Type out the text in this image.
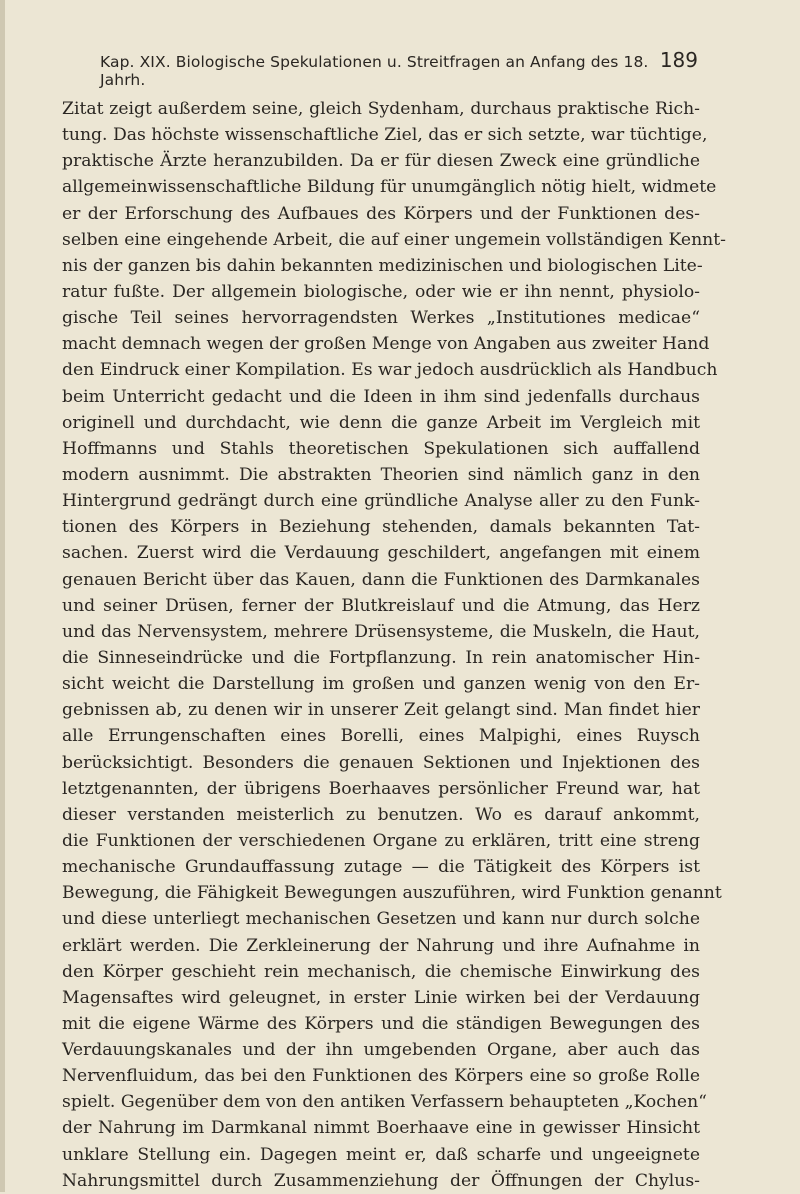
Kap. XIX. Biologische Spekulationen u. Streitfragen an Anfang des 18. Jahrh.
189
Zitat zeigt außerdem seine, gleich Sydenham, durchaus praktische Rich-
tung. Das höchste wissenschaftliche Ziel, das er sich setzte, war tüchtige,
praktische Ärzte heranzubilden. Da er für diesen Zweck eine gründliche
allgemeinwissenschaftliche Bildung für unumgänglich nötig hielt, widmete
er der Erforschung des Aufbaues des Körpers und der Funktionen des-
selben eine eingehende Arbeit, die auf einer ungemein vollständigen Kennt-
nis der ganzen bis dahin bekannten medizinischen und biologischen Lite-
ratur fußte. Der allgemein biologische, oder wie er ihn nennt, physiolo-
gische Teil seines hervorragendsten Werkes „Institutiones medicae“
macht demnach wegen der großen Menge von Angaben aus zweiter Hand
den Eindruck einer Kompilation. Es war jedoch ausdrücklich als Handbuch
beim Unterricht gedacht und die Ideen in ihm sind jedenfalls durchaus
originell und durchdacht, wie denn die ganze Arbeit im Vergleich mit
Hoffmanns und Stahls theoretischen Spekulationen sich auffallend
modern ausnimmt. Die abstrakten Theorien sind nämlich ganz in den
Hintergrund gedrängt durch eine gründliche Analyse aller zu den Funk-
tionen des Körpers in Beziehung stehenden, damals bekannten Tat-
sachen. Zuerst wird die Verdauung geschildert, angefangen mit einem
genauen Bericht über das Kauen, dann die Funktionen des Darmkanales
und seiner Drüsen, ferner der Blutkreislauf und die Atmung, das Herz
und das Nervensystem, mehrere Drüsensysteme, die Muskeln, die Haut,
die Sinneseindrücke und die Fortpflanzung. In rein anatomischer Hin-
sicht weicht die Darstellung im großen und ganzen wenig von den Er-
gebnissen ab, zu denen wir in unserer Zeit gelangt sind. Man findet hier
alle Errungenschaften eines Borelli, eines Malpighi, eines Ruysch
berücksichtigt. Besonders die genauen Sektionen und Injektionen des
letztgenannten, der übrigens Boerhaaves persönlicher Freund war, hat
dieser verstanden meisterlich zu benutzen. Wo es darauf ankommt,
die Funktionen der verschiedenen Organe zu erklären, tritt eine streng
mechanische Grundauffassung zutage — die Tätigkeit des Körpers ist
Bewegung, die Fähigkeit Bewegungen auszuführen, wird Funktion genannt
und diese unterliegt mechanischen Gesetzen und kann nur durch solche
erklärt werden. Die Zerkleinerung der Nahrung und ihre Aufnahme in
den Körper geschieht rein mechanisch, die chemische Einwirkung des
Magensaftes wird geleugnet, in erster Linie wirken bei der Verdauung
mit die eigene Wärme des Körpers und die ständigen Bewegungen des
Verdauungskanales und der ihn umgebenden Organe, aber auch das
Nervenfluidum, das bei den Funktionen des Körpers eine so große Rolle
spielt. Gegenüber dem von den antiken Verfassern behaupteten „Kochen“
der Nahrung im Darmkanal nimmt Boerhaave eine in gewisser Hinsicht
unklare Stellung ein. Dagegen meint er, daß scharfe und ungeeignete
Nahrungsmittel durch Zusammenziehung der Öffnungen der Chylus-
